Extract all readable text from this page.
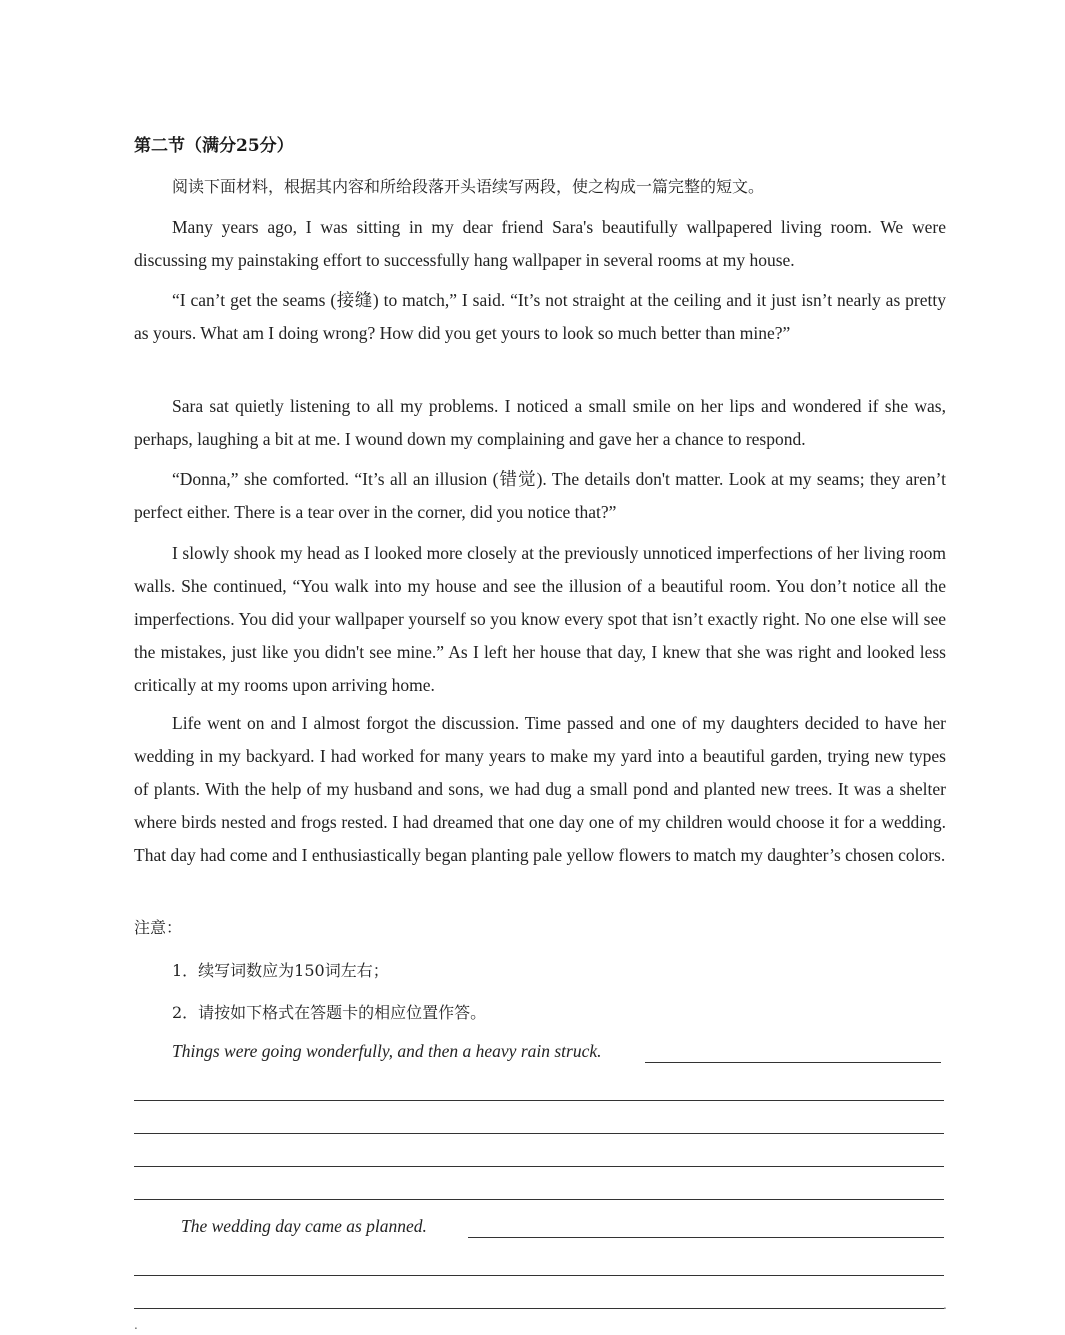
第二节（满分25分）
阅读下面材料，根据其内容和所给段落开头语续写两段，使之构成一篇完整的短文。

Many years ago, I was sitting in my dear friend Sara's beautifully wallpapered living room. We were discussing my painstaking effort to successfully hang wallpaper in several rooms at my house.

“I can’t get the seams (接缝) to match,” I said. “It’s not straight at the ceiling and it just isn’t nearly as pretty as yours. What am I doing wrong? How did you get yours to look so much better than mine?”

Sara sat quietly listening to all my problems. I noticed a small smile on her lips and wondered if she was, perhaps, laughing a bit at me. I wound down my complaining and gave her a chance to respond.

“Donna,” she comforted. “It’s all an illusion (错觉). The details don't matter. Look at my seams; they aren’t perfect either. There is a tear over in the corner, did you notice that?”

I slowly shook my head as I looked more closely at the previously unnoticed imperfections of her living room walls. She continued, “You walk into my house and see the illusion of a beautiful room. You don’t notice all the imperfections. You did your wallpaper yourself so you know every spot that isn’t exactly right. No one else will see the mistakes, just like you didn't see mine.” As I left her house that day, I knew that she was right and looked less critically at my rooms upon arriving home.

Life went on and I almost forgot the discussion. Time passed and one of my daughters decided to have her wedding in my backyard. I had worked for many years to make my yard into a beautiful garden, trying new types of plants. With the help of my husband and sons, we had dug a small pond and planted new trees. It was a shelter where birds nested and frogs rested. I had dreamed that one day one of my children would choose it for a wedding. That day had come and I enthusiastically began planting pale yellow flowers to match my daughter’s chosen colors.

注意：
1．续写词数应为150词左右；
2．请按如下格式在答题卡的相应位置作答。
Things were going wonderfully, and then a heavy rain struck.
The wedding day came as planned.
.
.
